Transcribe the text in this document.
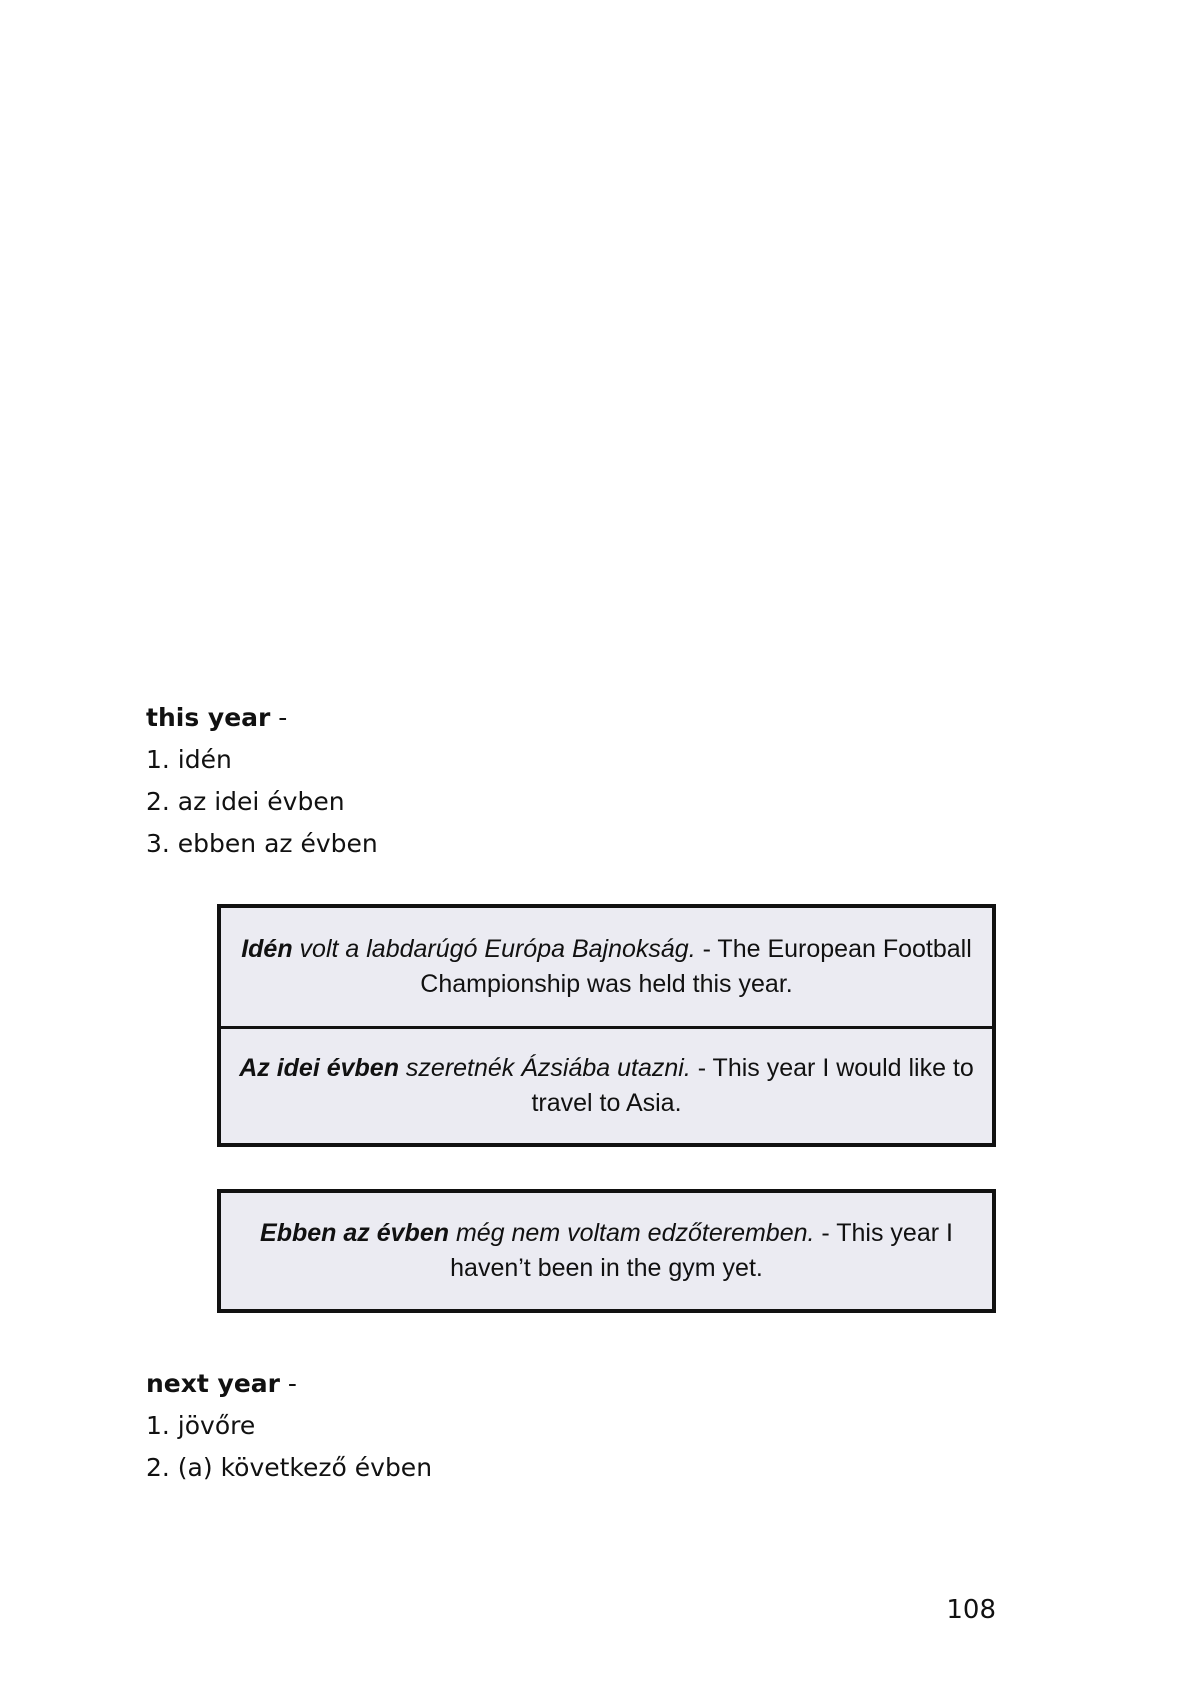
this year -
1. idén
2. az idei évben
3. ebben az évben
Idén volt a labdarúgó Európa Bajnokság. - The European Football Championship was held this year.
Az idei évben szeretnék Ázsiába utazni. - This year I would like to travel to Asia.
Ebben az évben még nem voltam edzőteremben. - This year I haven’t been in the gym yet.
next year -
1. jövőre
2. (a) következő évben
108
